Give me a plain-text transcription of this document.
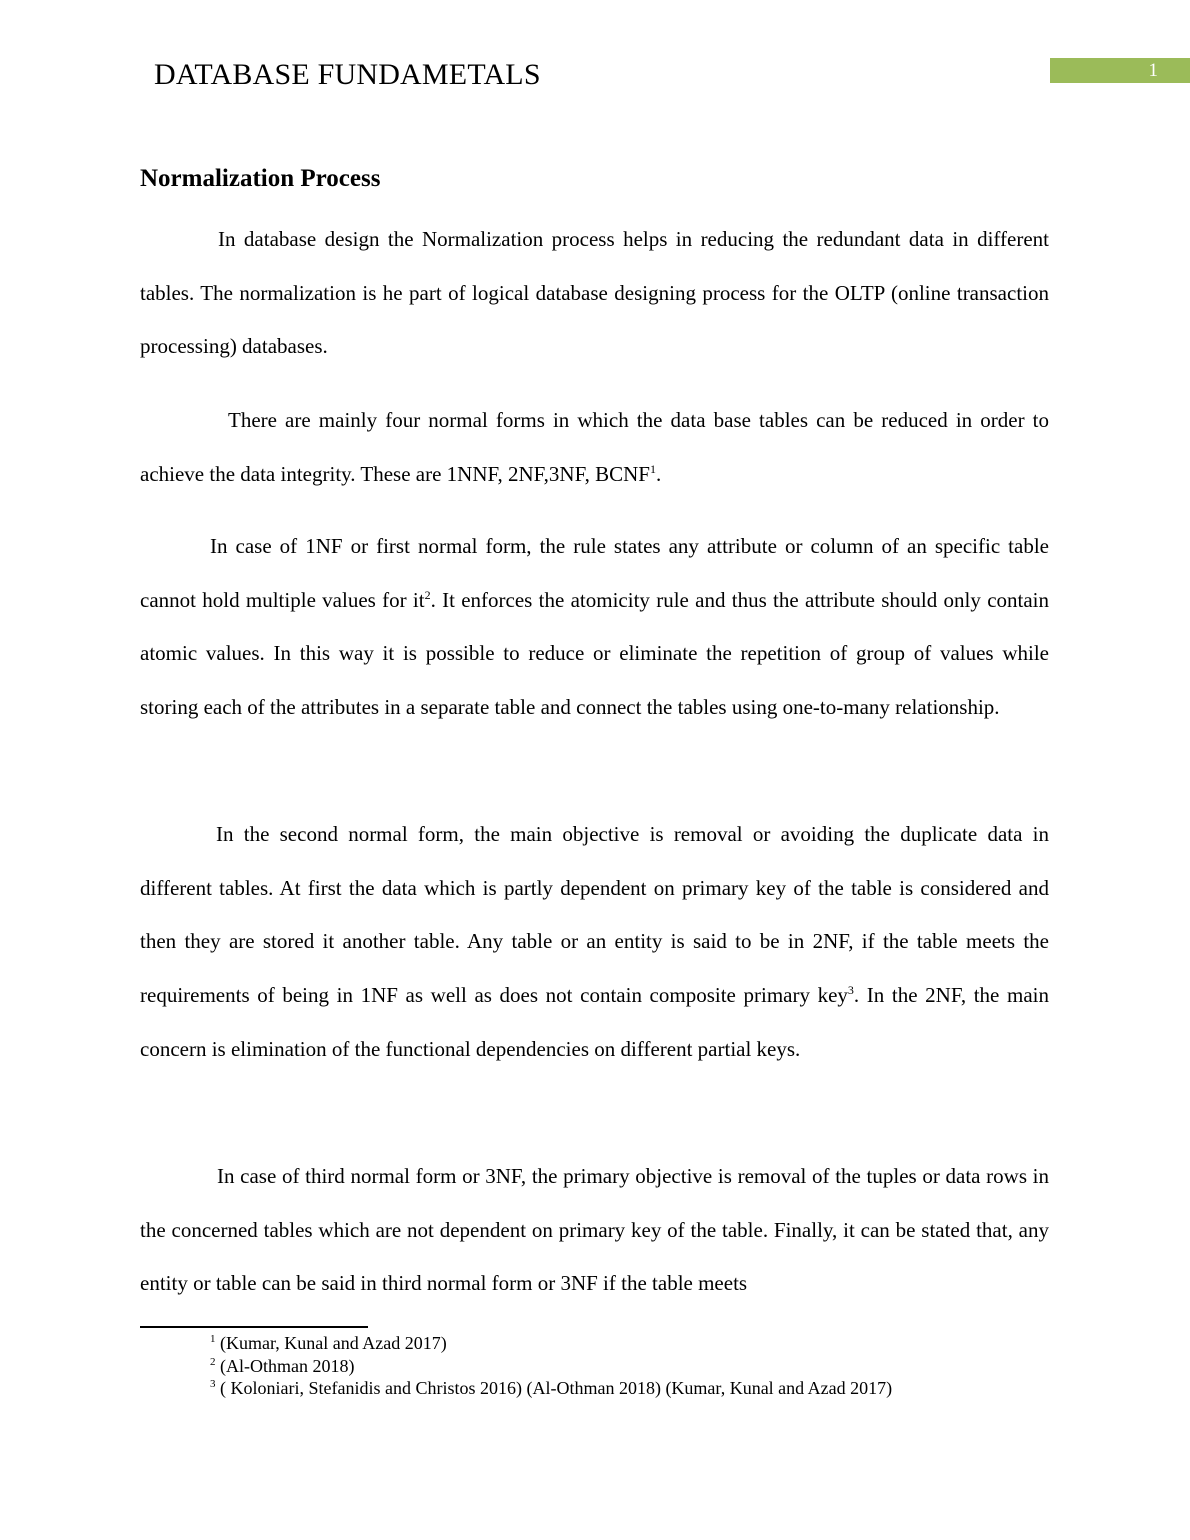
DATABASE FUNDAMETALS	1
Normalization Process

In database design the Normalization process helps in reducing the redundant data in different tables. The normalization is he part of logical database designing process for the OLTP (online transaction processing) databases.

There are mainly four normal forms in which the data base tables can be reduced in order to achieve the data integrity. These are 1NNF, 2NF,3NF, BCNF$^1$.

In case of 1NF or first normal form, the rule states any attribute or column of an specific table cannot hold multiple values for $it^2$. It enforces the atomicity rule and thus the attribute should only contain atomic values. In this way it is possible to reduce or eliminate the repetition of group of values while storing each of the attributes in a separate table and connect the tables using one-to-many relationship.

In the second normal form, the main objective is removal or avoiding the duplicate data in different tables. At first the data which is partly dependent on primary key of the table is considered and then they are stored it another table. Any table or an entity is said to be in 2NF, if the table meets the requirements of being in 1NF as well as does not contain composite primary key$^3$. In the 2NF, the main concern is elimination of the functional dependencies on different partial keys.

In case of third normal form or 3NF, the primary objective is removal of the tuples or data rows in the concerned tables which are not dependent on primary key of the table. Finally, it can be stated that, any entity or table can be said in third normal form or 3NF if the table meets

$^1$ (Kumar, Kunal and Azad 2017)
$^2$ (Al-Othman 2018)
$^3$ ( Koloniari, Stefanidis and Christos 2016) (Al-Othman 2018) (Kumar, Kunal and Azad 2017)
